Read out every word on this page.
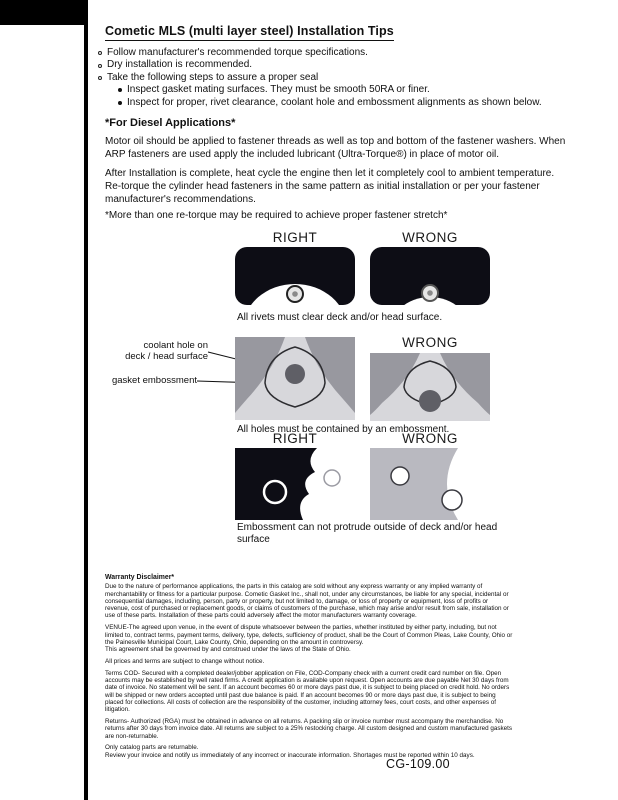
Cometic MLS (multi layer steel) Installation Tips
Follow manufacturer's recommended torque specifications.
Dry installation is recommended.
Take the following steps to assure a proper seal
Inspect gasket mating surfaces. They must be smooth 50RA or finer.
Inspect for proper, rivet clearance, coolant hole and embossment alignments as shown below.
*For Diesel Applications*

Motor oil should be applied to fastener threads as well as top and bottom of the fastener washers. When ARP fasteners are used apply the included lubricant (Ultra-Torque®) in place of motor oil.

After Installation is complete, heat cycle the engine then let it completely cool to ambient temperature. Re-torque the cylinder head fasteners in the same pattern as initial installation or per your fastener manufacturer's recommendations.

*More than one re-torque may be required to achieve proper fastener stretch*

RIGHT	WRONG

All rivets must clear deck and/or head surface.

coolant hole on
deck / head surface
gasket embossment
WRONG

All holes must be contained by an embossment.

RIGHT	WRONG

Embossment can not protrude outside of deck and/or head surface

Warranty Disclaimer*

Due to the nature of performance applications, the parts in this catalog are sold without any express warranty or any implied warranty of merchantability or fitness for a particular purpose. Cometic Gasket Inc., shall not, under any circumstances, be liable for any special, incidental or consequential damages, including, person, party or property, but not limited to, damage, or loss of property or equipment, loss of profits or revenue, cost of purchased or replacement goods, or claims of customers of the purchase, which may arise and/or result from sale, installation or use of these parts. Installation of these parts could adversely affect the motor manufacturers warranty coverage.

VENUE-The agreed upon venue, in the event of dispute whatsoever between the parties, whether instituted by either party, including, but not limited to, contract terms, payment terms, delivery, type, defects, sufficiency of product, shall be the Court of Common Pleas, Lake County, Ohio or the Painesville Municipal Court, Lake County, Ohio, depending on the amount in controversy.

This agreement shall be governed by and construed under the laws of the State of Ohio.

All prices and terms are subject to change without notice.

Terms COD- Secured with a completed dealer/jobber application on File, COD-Company check with a current credit card number on file. Open accounts may be established by well rated firms. A credit application is available upon request. Open accounts are due payable Net 30 days from date of invoice. No statement will be sent. If an account becomes 60 or more days past due, it is subject to being placed on credit hold. No orders will be shipped or new orders accepted until past due balance is paid. If an account becomes 90 or more days past due, it is subject to being placed for collections. All costs of collection are the responsibility of the customer, including attorney fees, court costs, and other expenses of litigation.

Returns- Authorized (RGA) must be obtained in advance on all returns. A packing slip or invoice number must accompany the merchandise. No returns after 30 days from invoice date. All returns are subject to a 25% restocking charge. All custom designed and custom manufactured gaskets are non-returnable.

Only catalog parts are returnable.

Review your invoice and notify us immediately of any incorrect or inaccurate information. Shortages must be reported within 10 days.

CG-109.00
